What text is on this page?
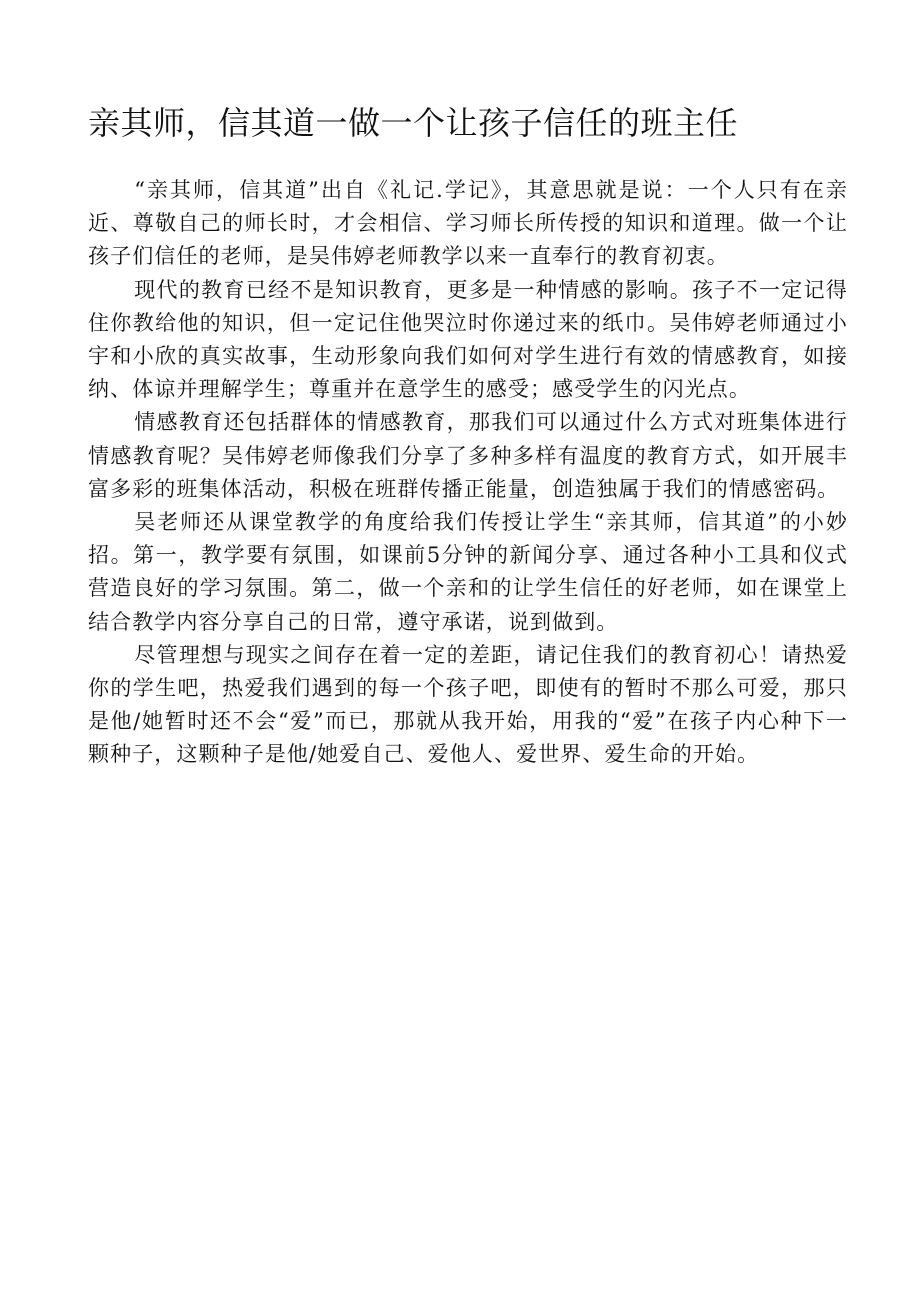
亲其师，信其道一做一个让孩子信任的班主任

“亲其师，信其道”出自《礼记.学记》，其意思就是说：一个人只有在亲近、尊敬自己的师长时，才会相信、学习师长所传授的知识和道理。做一个让孩子们信任的老师，是吴伟婷老师教学以来一直奉行的教育初衷。

现代的教育已经不是知识教育，更多是一种情感的影响。孩子不一定记得住你教给他的知识，但一定记住他哭泣时你递过来的纸巾。吴伟婷老师通过小宇和小欣的真实故事，生动形象向我们如何对学生进行有效的情感教育，如接纳、体谅并理解学生；尊重并在意学生的感受；感受学生的闪光点。

情感教育还包括群体的情感教育，那我们可以通过什么方式对班集体进行情感教育呢？吴伟婷老师像我们分享了多种多样有温度的教育方式，如开展丰富多彩的班集体活动，积极在班群传播正能量，创造独属于我们的情感密码。

吴老师还从课堂教学的角度给我们传授让学生“亲其师，信其道”的小妙招。第一，教学要有氛围，如课前5分钟的新闻分享、通过各种小工具和仪式营造良好的学习氛围。第二，做一个亲和的让学生信任的好老师，如在课堂上结合教学内容分享自己的日常，遵守承诺，说到做到。

尽管理想与现实之间存在着一定的差距，请记住我们的教育初心！请热爱你的学生吧，热爱我们遇到的每一个孩子吧，即使有的暂时不那么可爱，那只是他/她暂时还不会“爱”而已，那就从我开始，用我的“爱”在孩子内心种下一颗种子，这颗种子是他/她爱自己、爱他人、爱世界、爱生命的开始。
